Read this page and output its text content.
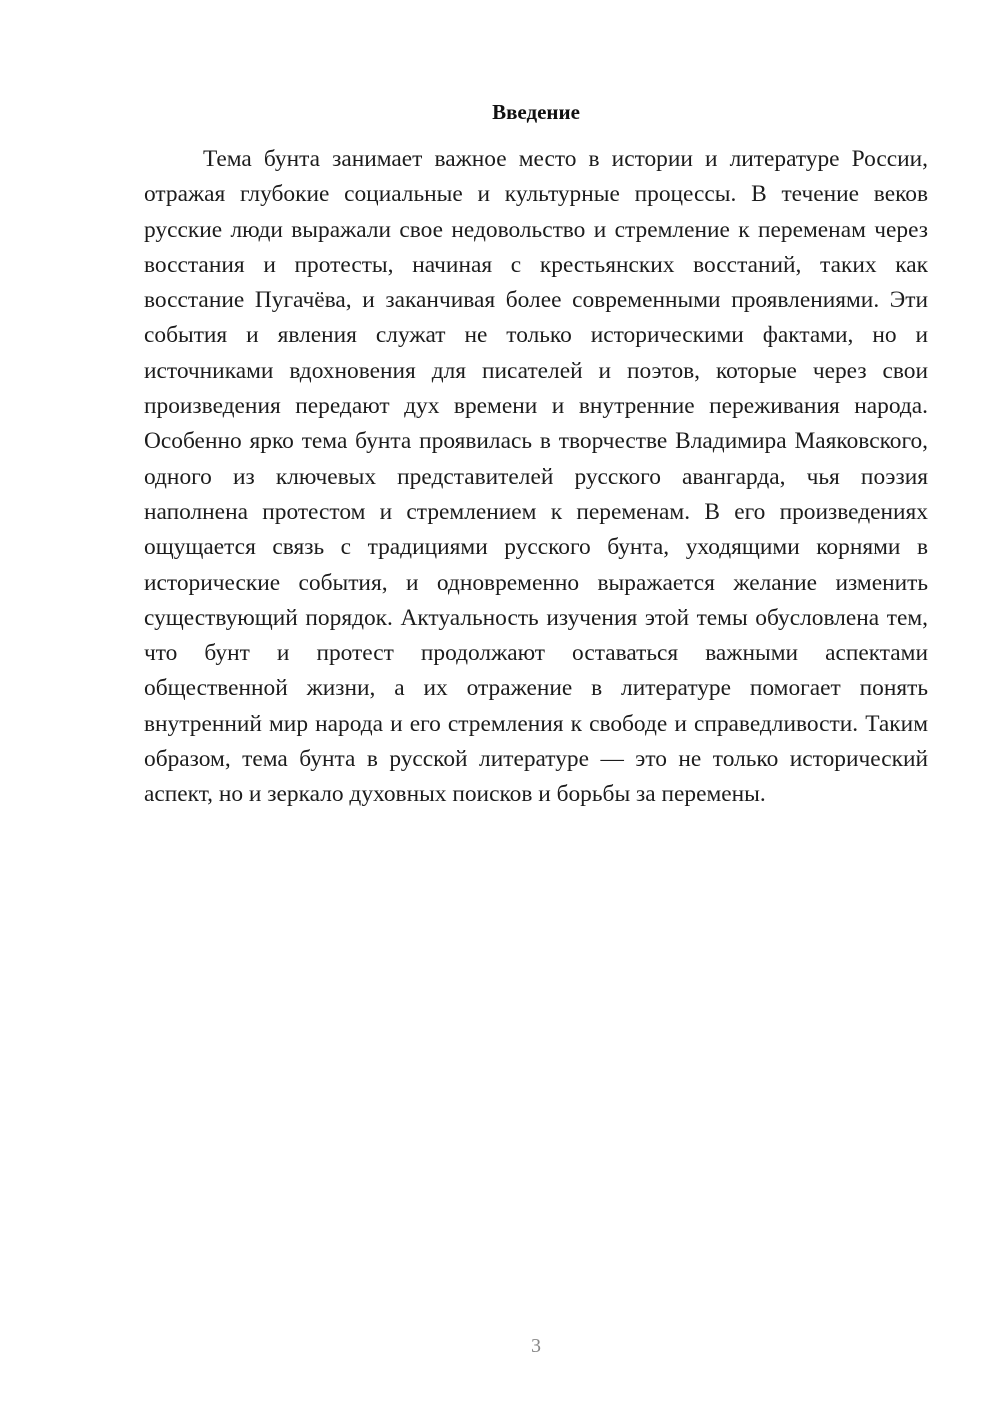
Введение

Тема бунта занимает важное место в истории и литературе России, отражая глубокие социальные и культурные процессы. В течение веков русские люди выражали свое недовольство и стремление к переменам через восстания и протесты, начиная с крестьянских восстаний, таких как восстание Пугачёва, и заканчивая более современными проявлениями. Эти события и явления служат не только историческими фактами, но и источниками вдохновения для писателей и поэтов, которые через свои произведения передают дух времени и внутренние переживания народа. Особенно ярко тема бунта проявилась в творчестве Владимира Маяковского, одного из ключевых представителей русского авангарда, чья поэзия наполнена протестом и стремлением к переменам. В его произведениях ощущается связь с традициями русского бунта, уходящими корнями в исторические события, и одновременно выражается желание изменить существующий порядок. Актуальность изучения этой темы обусловлена тем, что бунт и протест продолжают оставаться важными аспектами общественной жизни, а их отражение в литературе помогает понять внутренний мир народа и его стремления к свободе и справедливости. Таким образом, тема бунта в русской литературе — это не только исторический аспект, но и зеркало духовных поисков и борьбы за перемены.

3
